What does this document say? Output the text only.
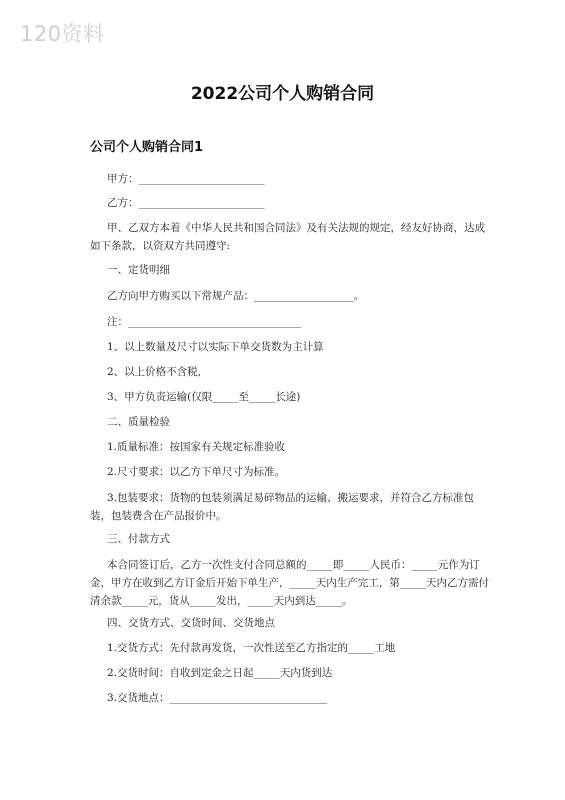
120资料
2022公司个人购销合同
公司个人购销合同1
甲方：________________________
乙方：________________________
甲、乙双方本着《中华人民共和国合同法》及有关法规的规定，经友好协商，达成如下条款，以资双方共同遵守:
一、定货明细
乙方向甲方购买以下常规产品：___________________。
注：_________________________________
1、以上数量及尺寸以实际下单交货数为主计算
2、以上价格不含税,
3、甲方负责运输(仅限_____至_____长途)
二、质量检验
1.质量标准：按国家有关规定标准验收
2.尺寸要求：以乙方下单尺寸为标准。
3.包装要求：货物的包装须满足易碎物品的运输、搬运要求，并符合乙方标准包装，包装费含在产品报价中。
三、付款方式
本合同签订后，乙方一次性支付合同总额的_____即_____人民币：_____元作为订金，甲方在收到乙方订金后开始下单生产，_____天内生产完工，第_____天内乙方需付清余款_____元，货从_____发出，_____天内到达_____。
四、交货方式、交货时间、交货地点
1.交货方式：先付款再发货，一次性送至乙方指定的_____工地
2.交货时间：自收到定金之日起_____天内货到达
3.交货地点：______________________________
